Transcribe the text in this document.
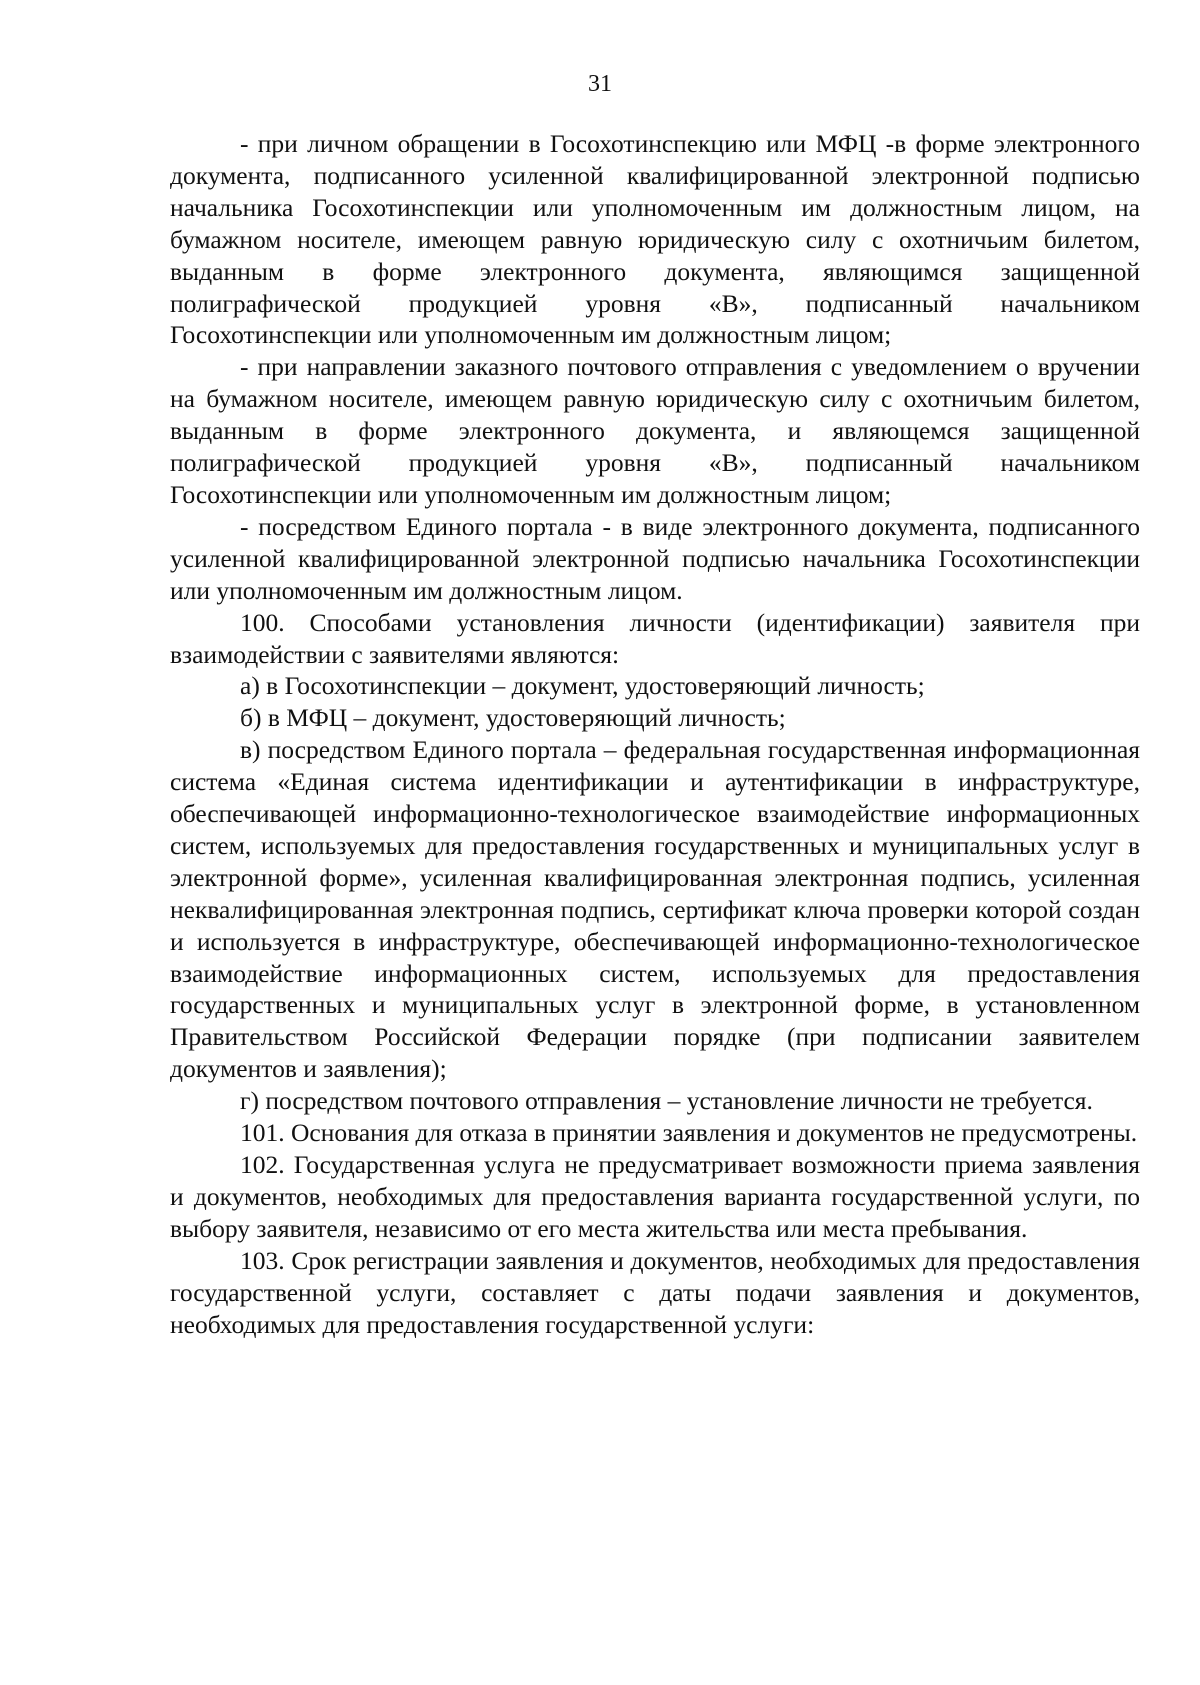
31

- при личном обращении в Госохотинспекцию или МФЦ -в форме электронного документа, подписанного усиленной квалифицированной электронной подписью начальника Госохотинспекции или уполномоченным им должностным лицом, на бумажном носителе, имеющем равную юридическую силу с охотничьим билетом, выданным в форме электронного документа, являющимся защищенной полиграфической продукцией уровня «В», подписанный начальником Госохотинспекции или уполномоченным им должностным лицом;

- при направлении заказного почтового отправления с уведомлением о вручении на бумажном носителе, имеющем равную юридическую силу с охотничьим билетом, выданным в форме электронного документа, и являющемся защищенной полиграфической продукцией уровня «В», подписанный начальником Госохотинспекции или уполномоченным им должностным лицом;

- посредством Единого портала - в виде электронного документа, подписанного усиленной квалифицированной электронной подписью начальника Госохотинспекции или уполномоченным им должностным лицом.

100. Способами установления личности (идентификации) заявителя при взаимодействии с заявителями являются:

а) в Госохотинспекции – документ, удостоверяющий личность;

б) в МФЦ – документ, удостоверяющий личность;

в) посредством Единого портала – федеральная государственная информационная система «Единая система идентификации и аутентификации в инфраструктуре, обеспечивающей информационно-технологическое взаимодействие информационных систем, используемых для предоставления государственных и муниципальных услуг в электронной форме», усиленная квалифицированная электронная подпись, усиленная неквалифицированная электронная подпись, сертификат ключа проверки которой создан и используется в инфраструктуре, обеспечивающей информационно-технологическое взаимодействие информационных систем, используемых для предоставления государственных и муниципальных услуг в электронной форме, в установленном Правительством Российской Федерации порядке (при подписании заявителем документов и заявления);

г) посредством почтового отправления – установление личности не требуется.

101. Основания для отказа в принятии заявления и документов не предусмотрены.

102. Государственная услуга не предусматривает возможности приема заявления и документов, необходимых для предоставления варианта государственной услуги, по выбору заявителя, независимо от его места жительства или места пребывания.

103. Срок регистрации заявления и документов, необходимых для предоставления государственной услуги, составляет с даты подачи заявления и документов, необходимых для предоставления государственной услуги:
